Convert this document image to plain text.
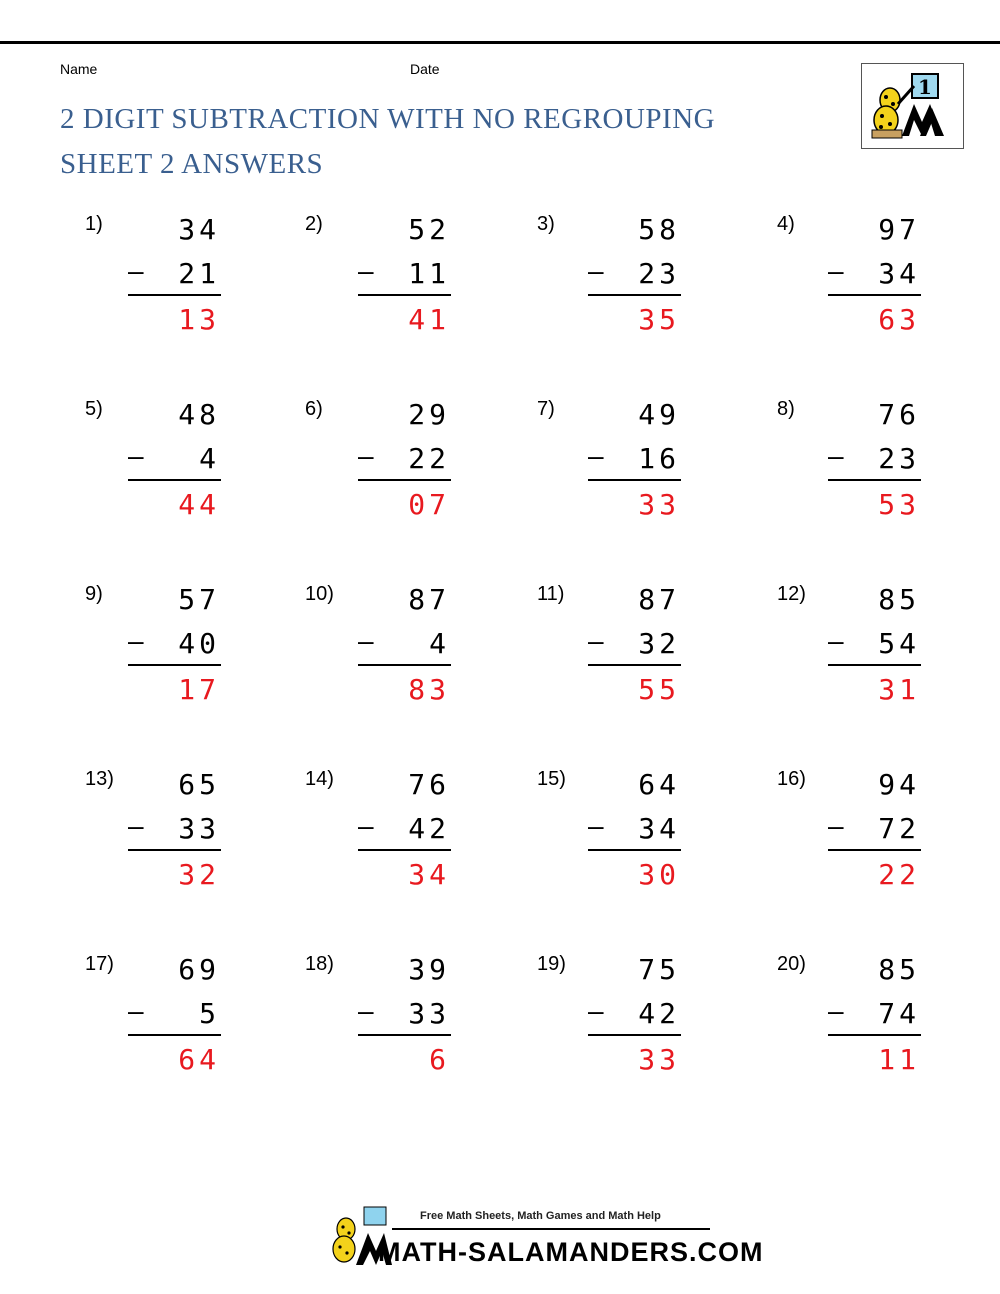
Name	Date
2 DIGIT SUBTRACTION WITH NO REGROUPING
SHEET 2 ANSWERS
1
1)	34
–	21
13
2)	52
–	11
41
3)	58
–	23
35
4)	97
–	34
63
5)	48
–	4
44
6)	29
–	22
07
7)	49
–	16
33
8)	76
–	23
53
9)	57
–	40
17
10)	87
–	4
83
11)	87
–	32
55
12)	85
–	54
31
13)	65
–	33
32
14)	76
–	42
34
15)	64
–	34
30
16)	94
–	72
22
17)	69
–	5
64
18)	39
–	33
6
19)	75
–	42
33
20)	85
–	74
11
Free Math Sheets, Math Games and Math Help
MATH-SALAMANDERS.COM
